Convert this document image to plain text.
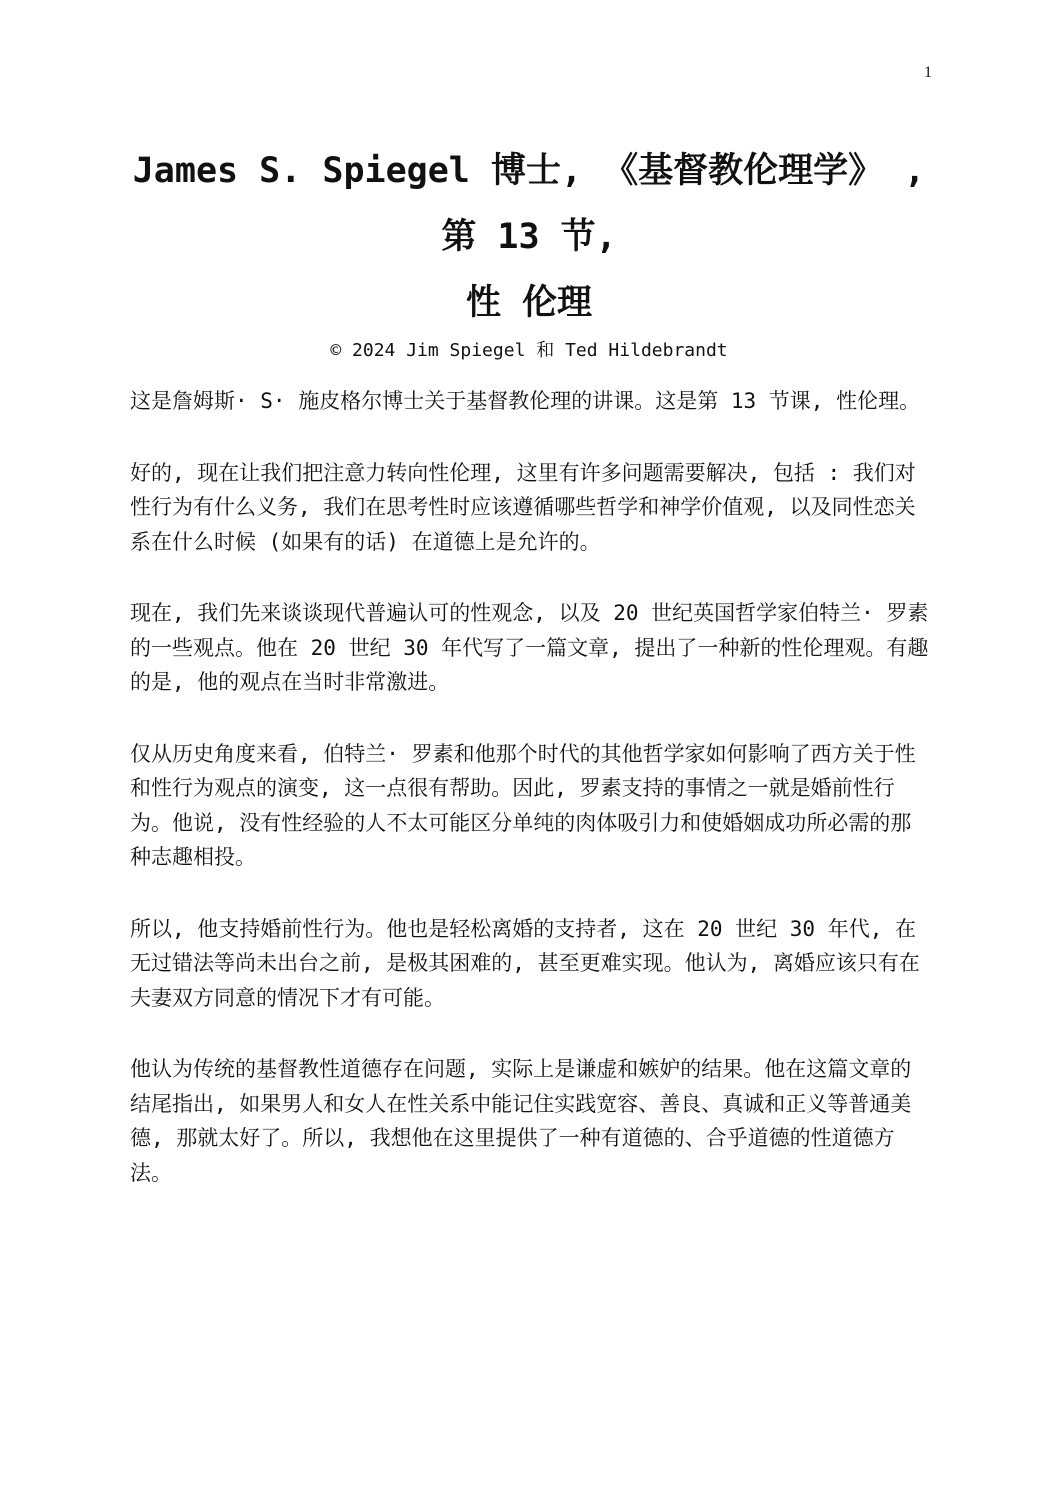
1
James S. Spiegel 博士, 《基督教伦理学》 ,
第 13 节,
性 伦理
© 2024 Jim Spiegel 和 Ted Hildebrandt

这是詹姆斯· S· 施皮格尔博士关于基督教伦理的讲课。这是第 13 节课, 性伦理。

好的, 现在让我们把注意力转向性伦理, 这里有许多问题需要解决, 包括 : 我们对性行为有什么义务, 我们在思考性时应该遵循哪些哲学和神学价值观, 以及同性恋关系在什么时候 (如果有的话) 在道德上是允许的。

现在, 我们先来谈谈现代普遍认可的性观念, 以及 20 世纪英国哲学家伯特兰· 罗素的一些观点。他在 20 世纪 30 年代写了一篇文章, 提出了一种新的性伦理观。有趣的是, 他的观点在当时非常激进。

仅从历史角度来看, 伯特兰· 罗素和他那个时代的其他哲学家如何影响了西方关于性和性行为观点的演变, 这一点很有帮助。因此, 罗素支持的事情之一就是婚前性行为。他说, 没有性经验的人不太可能区分单纯的肉体吸引力和使婚姻成功所必需的那种志趣相投。

所以, 他支持婚前性行为。他也是轻松离婚的支持者, 这在 20 世纪 30 年代, 在无过错法等尚未出台之前, 是极其困难的, 甚至更难实现。他认为, 离婚应该只有在夫妻双方同意的情况下才有可能。

他认为传统的基督教性道德存在问题, 实际上是谦虚和嫉妒的结果。他在这篇文章的结尾指出, 如果男人和女人在性关系中能记住实践宽容、善良、真诚和正义等普通美德, 那就太好了。所以, 我想他在这里提供了一种有道德的、合乎道德的性道德方法。
